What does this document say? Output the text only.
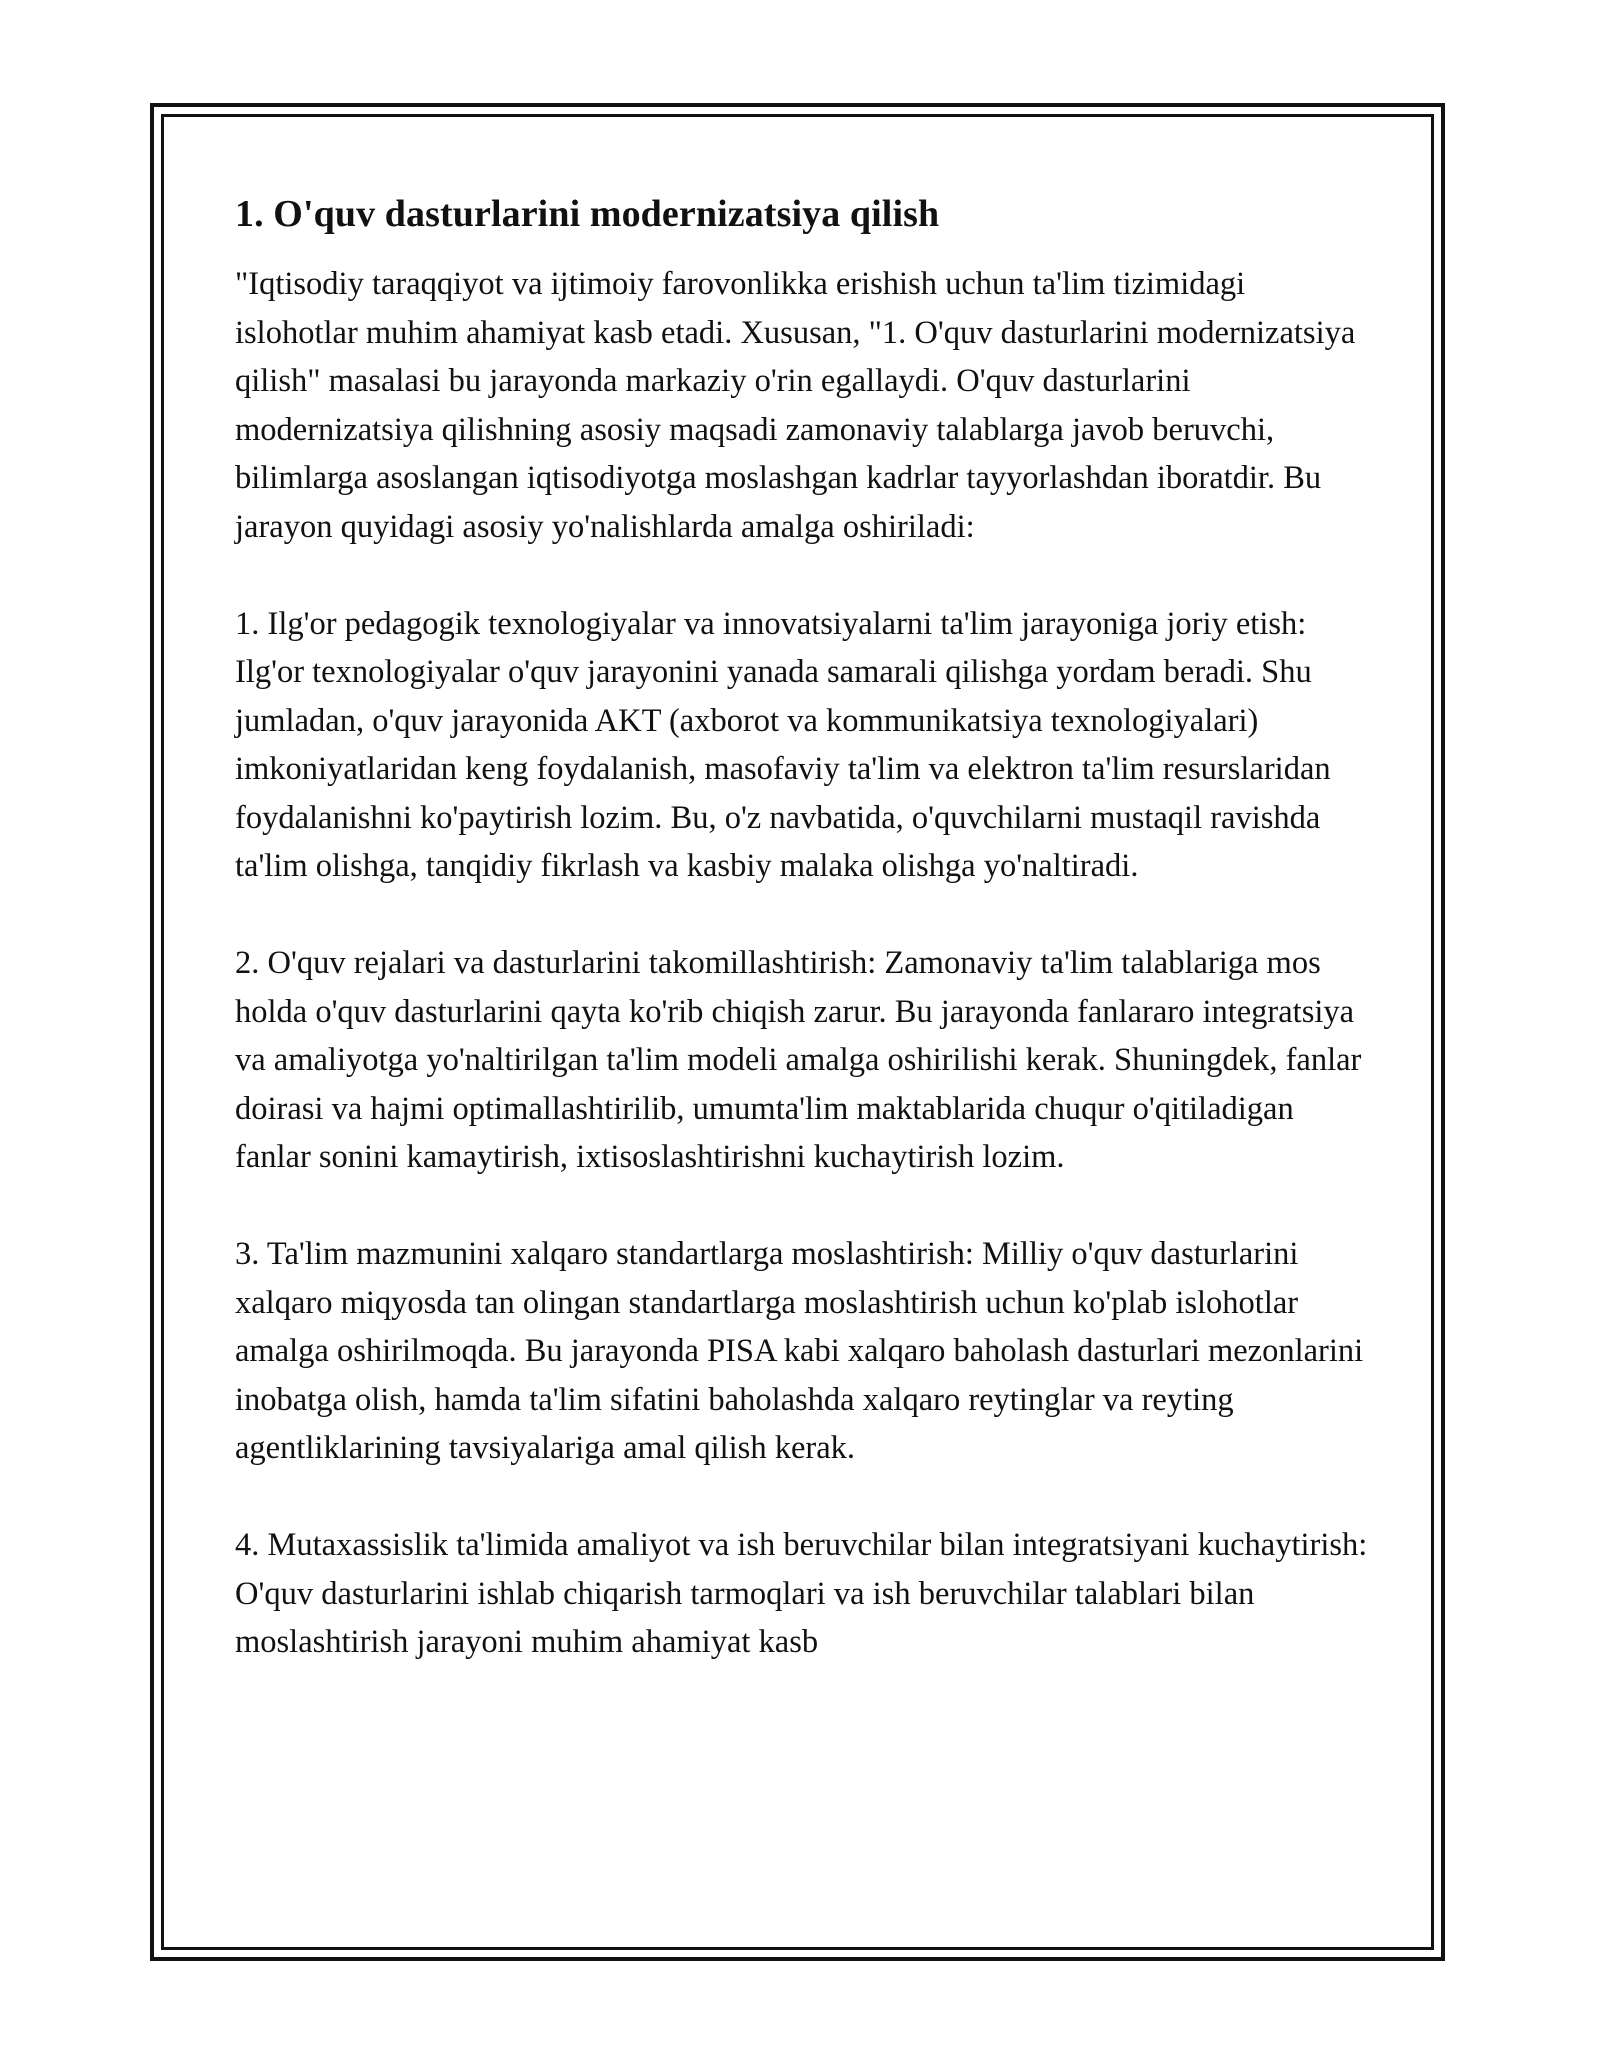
1. O'quv dasturlarini modernizatsiya qilish

"Iqtisodiy taraqqiyot va ijtimoiy farovonlikka erishish uchun ta'lim tizimidagi islohotlar muhim ahamiyat kasb etadi. Xususan, "1. O'quv dasturlarini modernizatsiya qilish" masalasi bu jarayonda markaziy o'rin egallaydi. O'quv dasturlarini modernizatsiya qilishning asosiy maqsadi zamonaviy talablarga javob beruvchi, bilimlarga asoslangan iqtisodiyotga moslashgan kadrlar tayyorlashdan iboratdir. Bu jarayon quyidagi asosiy yo'nalishlarda amalga oshiriladi:

1. Ilg'or pedagogik texnologiyalar va innovatsiyalarni ta'lim jarayoniga joriy etish: Ilg'or texnologiyalar o'quv jarayonini yanada samarali qilishga yordam beradi. Shu jumladan, o'quv jarayonida AKT (axborot va kommunikatsiya texnologiyalari) imkoniyatlaridan keng foydalanish, masofaviy ta'lim va elektron ta'lim resurslaridan foydalanishni ko'paytirish lozim. Bu, o'z navbatida, o'quvchilarni mustaqil ravishda ta'lim olishga, tanqidiy fikrlash va kasbiy malaka olishga yo'naltiradi.

2. O'quv rejalari va dasturlarini takomillashtirish: Zamonaviy ta'lim talablariga mos holda o'quv dasturlarini qayta ko'rib chiqish zarur. Bu jarayonda fanlararo integratsiya va amaliyotga yo'naltirilgan ta'lim modeli amalga oshirilishi kerak. Shuningdek, fanlar doirasi va hajmi optimallashtirilib, umumta'lim maktablarida chuqur o'qitiladigan fanlar sonini kamaytirish, ixtisoslashtirishni kuchaytirish lozim.

3. Ta'lim mazmunini xalqaro standartlarga moslashtirish: Milliy o'quv dasturlarini xalqaro miqyosda tan olingan standartlarga moslashtirish uchun ko'plab islohotlar amalga oshirilmoqda. Bu jarayonda PISA kabi xalqaro baholash dasturlari mezonlarini inobatga olish, hamda ta'lim sifatini baholashda xalqaro reytinglar va reyting agentliklarining tavsiyalariga amal qilish kerak.

4. Mutaxassislik ta'limida amaliyot va ish beruvchilar bilan integratsiyani kuchaytirish: O'quv dasturlarini ishlab chiqarish tarmoqlari va ish beruvchilar talablari bilan moslashtirish jarayoni muhim ahamiyat kasb
